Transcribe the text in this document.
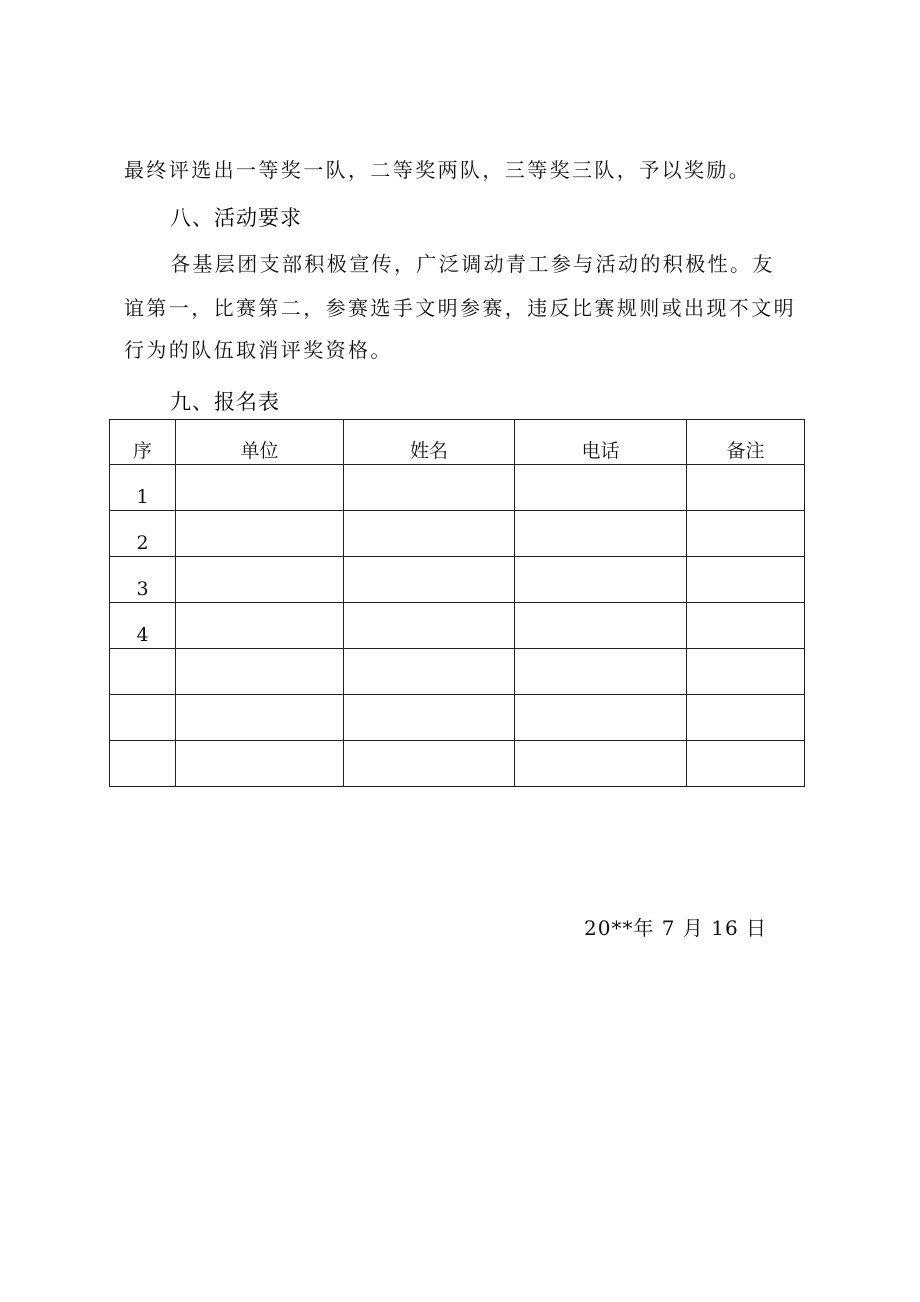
最终评选出一等奖一队，二等奖两队，三等奖三队，予以奖励。
八、活动要求
各基层团支部积极宣传，广泛调动青工参与活动的积极性。友
谊第一，比赛第二，参赛选手文明参赛，违反比赛规则或出现不文明
行为的队伍取消评奖资格。
九、报名表
序	单位	姓名	电话	备注
1				
2				
3				
4				

20**年 7 月 16 日
